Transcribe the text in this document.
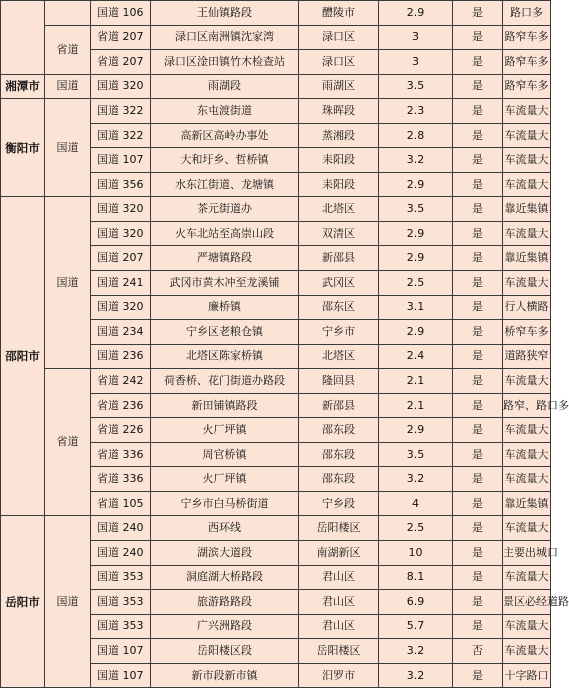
		国道 106	王仙镇路段	醴陵市	2.9	是	路口多
	省道	省道 207	渌口区南洲镇沈家湾	渌口区	3	是	路窄车多
		省道 207	渌口区淦田镇竹木检查站	渌口区	3	是	路窄车多
湘潭市	国道	国道 320	雨湖段	雨湖区	3.5	是	路窄车多
衡阳市	国道	国道 322	东屯渡街道	珠晖段	2.3	是	车流量大
		国道 322	高新区高岭办事处	蒸湘段	2.8	是	车流量大
		国道 107	大和圩乡、哲桥镇	耒阳段	3.2	是	车流量大
		国道 356	水东江街道、龙塘镇	耒阳段	2.9	是	车流量大
邵阳市	国道	国道 320	茶元街道办	北塔区	3.5	是	靠近集镇
		国道 320	火车北站至高崇山段	双清区	2.9	是	车流量大
		国道 207	严塘镇路段	新邵县	2.9	是	靠近集镇
		国道 241	武冈市黄木冲至龙溪铺	武冈区	2.5	是	车流量大
		国道 320	廉桥镇	邵东区	3.1	是	行人横路
		国道 234	宁乡区老粮仓镇	宁乡市	2.9	是	桥窄车多
		国道 236	北塔区陈家桥镇	北塔区	2.4	是	道路狭窄
	省道	省道 242	荷香桥、花门街道办路段	隆回县	2.1	是	车流量大
		省道 236	新田铺镇路段	新邵县	2.1	是	路窄、路口多
		省道 226	火厂坪镇	邵东段	2.9	是	车流量大
		省道 336	周官桥镇	邵东段	3.5	是	车流量大
		省道 336	火厂坪镇	邵东段	3.2	是	车流量大
		省道 105	宁乡市白马桥街道	宁乡段	4	是	靠近集镇
岳阳市	国道	国道 240	西环线	岳阳楼区	2.5	是	车流量大
		国道 240	湖滨大道段	南湖新区	10	是	主要出城口
		国道 353	洞庭湖大桥路段	君山区	8.1	是	车流量大
		国道 353	旅游路路段	君山区	6.9	是	景区必经道路
		国道 353	广兴洲路段	君山区	5.7	是	车流量大
		国道 107	岳阳楼区段	岳阳楼区	3.2	否	车流量大
		国道 107	新市段新市镇	汨罗市	3.2	是	十字路口
